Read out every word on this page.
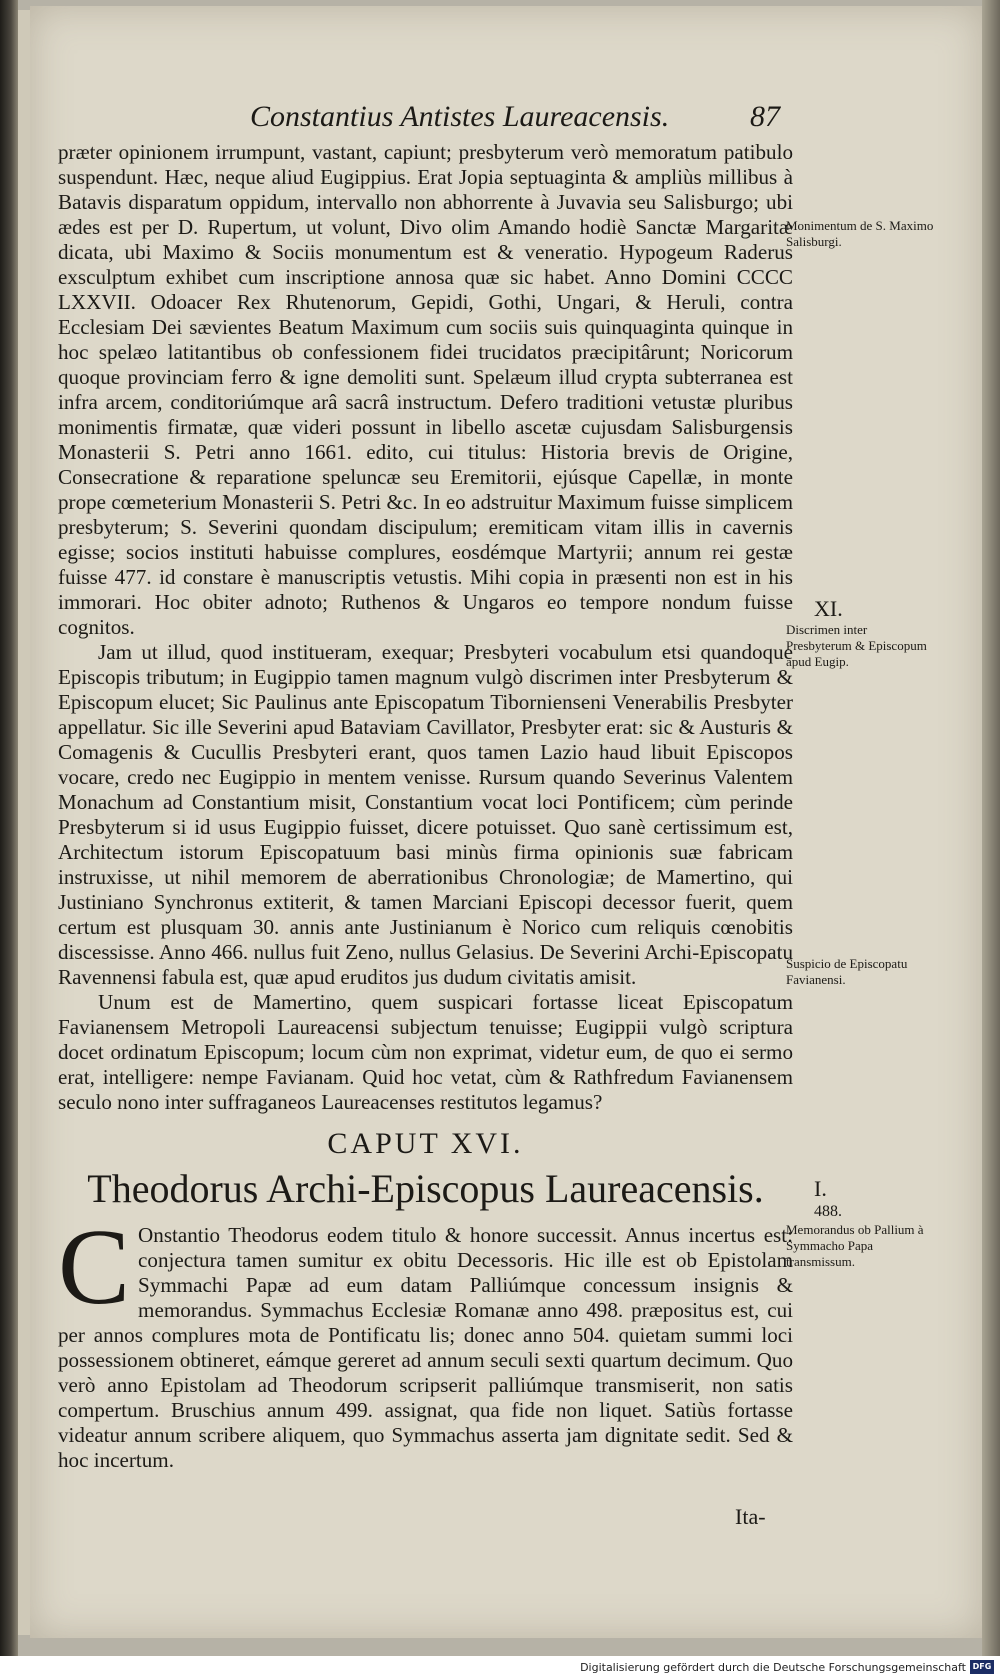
Constantius Antistes Laureacensis.	87

præter opinionem irrumpunt, vastant, capiunt; presbyterum verò memoratum patibulo suspendunt. Hæc, neque aliud Eugippius. Erat Jopia septuaginta & ampliùs millibus à Batavis disparatum oppidum, intervallo non abhorrente à Juvavia seu Salisburgo; ubi ædes est per D. Rupertum, ut volunt, Divo olim Amando hodiè Sanctæ Margaritæ dicata, ubi Maximo & Sociis monumentum est & veneratio. Hypogeum Raderus exsculptum exhibet cum inscriptione annosa quæ sic habet. Anno Domini CCCC LXXVII. Odoacer Rex Rhutenorum, Gepidi, Gothi, Ungari, & Heruli, contra Ecclesiam Dei sævientes Beatum Maximum cum sociis suis quinquaginta quinque in hoc spelæo latitantibus ob confessionem fidei trucidatos præcipitârunt; Noricorum quoque provinciam ferro & igne demoliti sunt. Spelæum illud crypta subterranea est infra arcem, conditoriúmque arâ sacrâ instructum. Defero traditioni vetustæ pluribus monimentis firmatæ, quæ videri possunt in libello ascetæ cujusdam Salisburgensis Monasterii S. Petri anno 1661. edito, cui titulus: Historia brevis de Origine, Consecratione & reparatione speluncæ seu Eremitorii, ejúsque Capellæ, in monte prope cœmeterium Monasterii S. Petri &c. In eo adstruitur Maximum fuisse simplicem presbyterum; S. Severini quondam discipulum; eremiticam vitam illis in cavernis egisse; socios instituti habuisse complures, eosdémque Martyrii; annum rei gestæ fuisse 477. id constare è manuscriptis vetustis. Mihi copia in præsenti non est in his immorari. Hoc obiter adnoto; Ruthenos & Ungaros eo tempore nondum fuisse cognitos.

Jam ut illud, quod institueram, exequar; Presbyteri vocabulum etsi quandoque Episcopis tributum; in Eugippio tamen magnum vulgò discrimen inter Presbyterum & Episcopum elucet; Sic Paulinus ante Episcopatum Tibornienseni Venerabilis Presbyter appellatur. Sic ille Severini apud Bataviam Cavillator, Presbyter erat: sic & Austuris & Comagenis & Cucullis Presbyteri erant, quos tamen Lazio haud libuit Episcopos vocare, credo nec Eugippio in mentem venisse. Rursum quando Severinus Valentem Monachum ad Constantium misit, Constantium vocat loci Pontificem; cùm perinde Presbyterum si id usus Eugippio fuisset, dicere potuisset. Quo sanè certissimum est, Architectum istorum Episcopatuum basi minùs firma opinionis suæ fabricam instruxisse, ut nihil memorem de aberrationibus Chronologiæ; de Mamertino, qui Justiniano Synchronus extiterit, & tamen Marciani Episcopi decessor fuerit, quem certum est plusquam 30. annis ante Justinianum è Norico cum reliquis cœnobitis discessisse. Anno 466. nullus fuit Zeno, nullus Gelasius. De Severini Archi-Episcopatu Ravennensi fabula est, quæ apud eruditos jus dudum civitatis amisit.

Unum est de Mamertino, quem suspicari fortasse liceat Episcopatum Favianensem Metropoli Laureacensi subjectum tenuisse; Eugippii vulgò scriptura docet ordinatum Episcopum; locum cùm non exprimat, videtur eum, de quo ei sermo erat, intelligere: nempe Favianam. Quid hoc vetat, cùm & Rathfredum Favianensem seculo nono inter suffraganeos Laureacenses restitutos legamus?

CAPUT XVI.
Theodorus Archi-Episcopus Laureacensis.

C Onstantio Theodorus eodem titulo & honore successit. Annus incertus est: conjectura tamen sumitur ex obitu Decessoris. Hic ille est ob Epistolam Symmachi Papæ ad eum datam Palliúmque concessum insignis & memorandus. Symmachus Ecclesiæ Romanæ anno 498. præpositus est, cui per annos complures mota de Pontificatu lis; donec anno 504. quietam summi loci possessionem obtineret, eámque gereret ad annum seculi sexti quartum decimum. Quo verò anno Epistolam ad Theodorum scripserit palliúmque transmiserit, non satis compertum. Bruschius annum 499. assignat, qua fide non liquet. Satiùs fortasse videatur annum scribere aliquem, quo Symmachus asserta jam dignitate sedit. Sed & hoc incertum.

Ita-
Monimentum de S. Maximo Salisburgi.
XI.
Discrimen inter Presbyterum & Episcopum apud Eugip.
Suspicio de Episcopatu Favianensi.
I.
488.
Memorandus ob Pallium à Symmacho Papa transmissum.
Digitalisierung gefördert durch die Deutsche Forschungsgemeinschaft DFG
